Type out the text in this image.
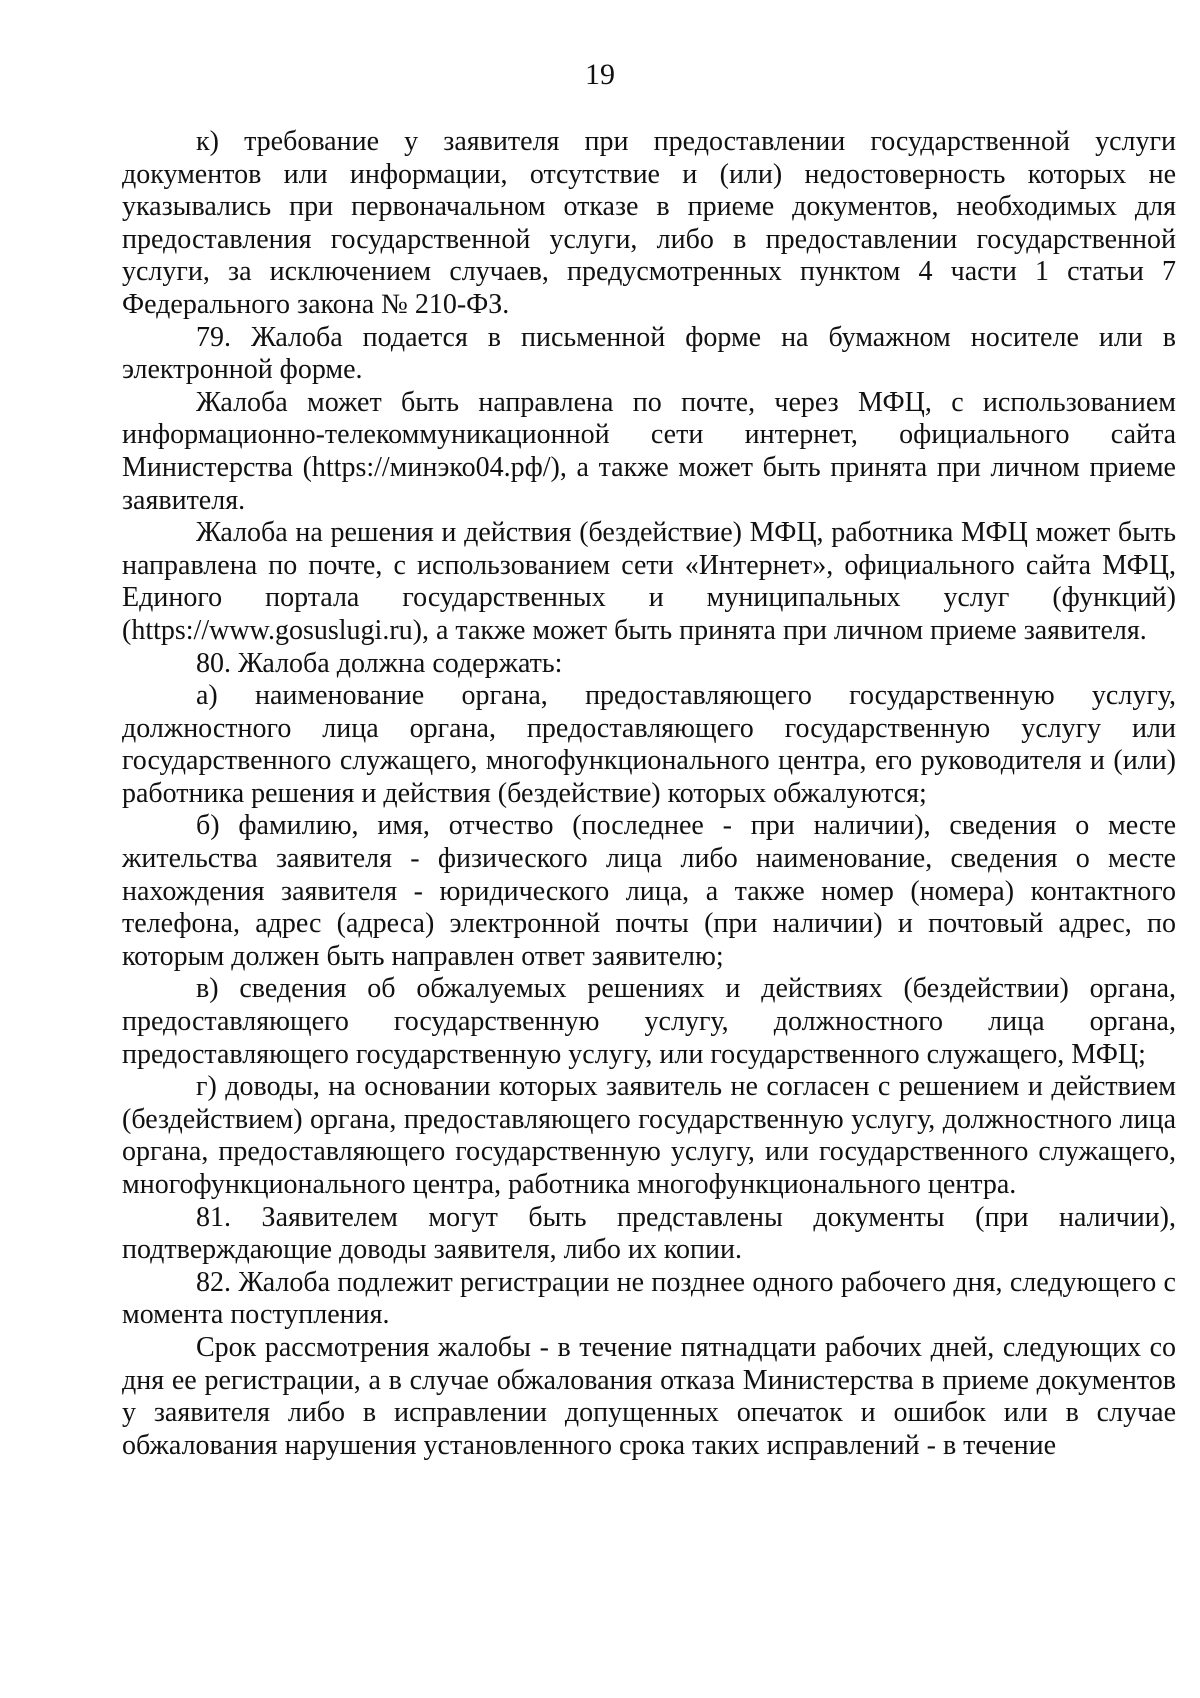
19

к) требование у заявителя при предоставлении государственной услуги документов или информации, отсутствие и (или) недостоверность которых не указывались при первоначальном отказе в приеме документов, необходимых для предоставления государственной услуги, либо в предоставлении государственной услуги, за исключением случаев, предусмотренных пунктом 4 части 1 статьи 7 Федерального закона № 210-ФЗ.

79. Жалоба подается в письменной форме на бумажном носителе или в электронной форме.

Жалоба может быть направлена по почте, через МФЦ, с использованием информационно-телекоммуникационной сети интернет, официального сайта Министерства (https://минэко04.рф/), а также может быть принята при личном приеме заявителя.

Жалоба на решения и действия (бездействие) МФЦ, работника МФЦ может быть направлена по почте, с использованием сети «Интернет», официального сайта МФЦ, Единого портала государственных и муниципальных услуг (функций) (https://www.gosuslugi.ru), а также может быть принята при личном приеме заявителя.

80. Жалоба должна содержать:

а) наименование органа, предоставляющего государственную услугу, должностного лица органа, предоставляющего государственную услугу или государственного служащего, многофункционального центра, его руководителя и (или) работника решения и действия (бездействие) которых обжалуются;

б) фамилию, имя, отчество (последнее - при наличии), сведения о месте жительства заявителя - физического лица либо наименование, сведения о месте нахождения заявителя - юридического лица, а также номер (номера) контактного телефона, адрес (адреса) электронной почты (при наличии) и почтовый адрес, по которым должен быть направлен ответ заявителю;

в) сведения об обжалуемых решениях и действиях (бездействии) органа, предоставляющего государственную услугу, должностного лица органа, предоставляющего государственную услугу, или государственного служащего, МФЦ;

г) доводы, на основании которых заявитель не согласен с решением и действием (бездействием) органа, предоставляющего государственную услугу, должностного лица органа, предоставляющего государственную услугу, или государственного служащего, многофункционального центра, работника многофункционального центра.

81. Заявителем могут быть представлены документы (при наличии), подтверждающие доводы заявителя, либо их копии.

82. Жалоба подлежит регистрации не позднее одного рабочего дня, следующего с момента поступления.

Срок рассмотрения жалобы - в течение пятнадцати рабочих дней, следующих со дня ее регистрации, а в случае обжалования отказа Министерства в приеме документов у заявителя либо в исправлении допущенных опечаток и ошибок или в случае обжалования нарушения установленного срока таких исправлений - в течение
